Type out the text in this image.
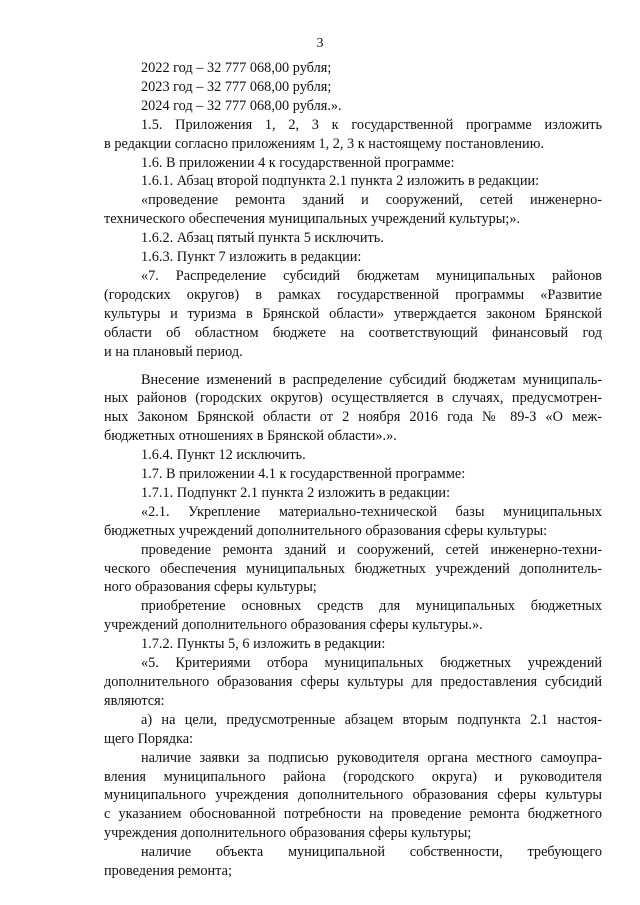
3
2022 год – 32 777 068,00 рубля;
2023 год – 32 777 068,00 рубля;
2024 год – 32 777 068,00 рубля.».
1.5. Приложения 1, 2, 3 к государственной программе изложить
в редакции согласно приложениям 1, 2, 3 к настоящему постановлению.
1.6. В приложении 4 к государственной программе:
1.6.1. Абзац второй подпункта 2.1 пункта 2 изложить в редакции:
«проведение ремонта зданий и сооружений, сетей инженерно-
технического обеспечения муниципальных учреждений культуры;».
1.6.2. Абзац пятый пункта 5 исключить.
1.6.3. Пункт 7 изложить в редакции:
«7. Распределение субсидий бюджетам муниципальных районов
(городских округов) в рамках государственной программы «Развитие
культуры и туризма в Брянской области» утверждается законом Брянской
области об областном бюджете на соответствующий финансовый год
и на плановый период.
Внесение изменений в распределение субсидий бюджетам муниципаль-
ных районов (городских округов) осуществляется в случаях, предусмотрен-
ных Законом Брянской области от 2 ноября 2016 года № 89-З «О меж-
бюджетных отношениях в Брянской области».».
1.6.4. Пункт 12 исключить.
1.7. В приложении 4.1 к государственной программе:
1.7.1. Подпункт 2.1 пункта 2 изложить в редакции:
«2.1. Укрепление материально-технической базы муниципальных
бюджетных учреждений дополнительного образования сферы культуры:
проведение ремонта зданий и сооружений, сетей инженерно-техни-
ческого обеспечения муниципальных бюджетных учреждений дополнитель-
ного образования сферы культуры;
приобретение основных средств для муниципальных бюджетных
учреждений дополнительного образования сферы культуры.».
1.7.2. Пункты 5, 6 изложить в редакции:
«5. Критериями отбора муниципальных бюджетных учреждений
дополнительного образования сферы культуры для предоставления субсидий
являются:
а) на цели, предусмотренные абзацем вторым подпункта 2.1 настоя-
щего Порядка:
наличие заявки за подписью руководителя органа местного самоупра-
вления муниципального района (городского округа) и руководителя
муниципального учреждения дополнительного образования сферы культуры
с указанием обоснованной потребности на проведение ремонта бюджетного
учреждения дополнительного образования сферы культуры;
наличие объекта муниципальной собственности, требующего
проведения ремонта;
